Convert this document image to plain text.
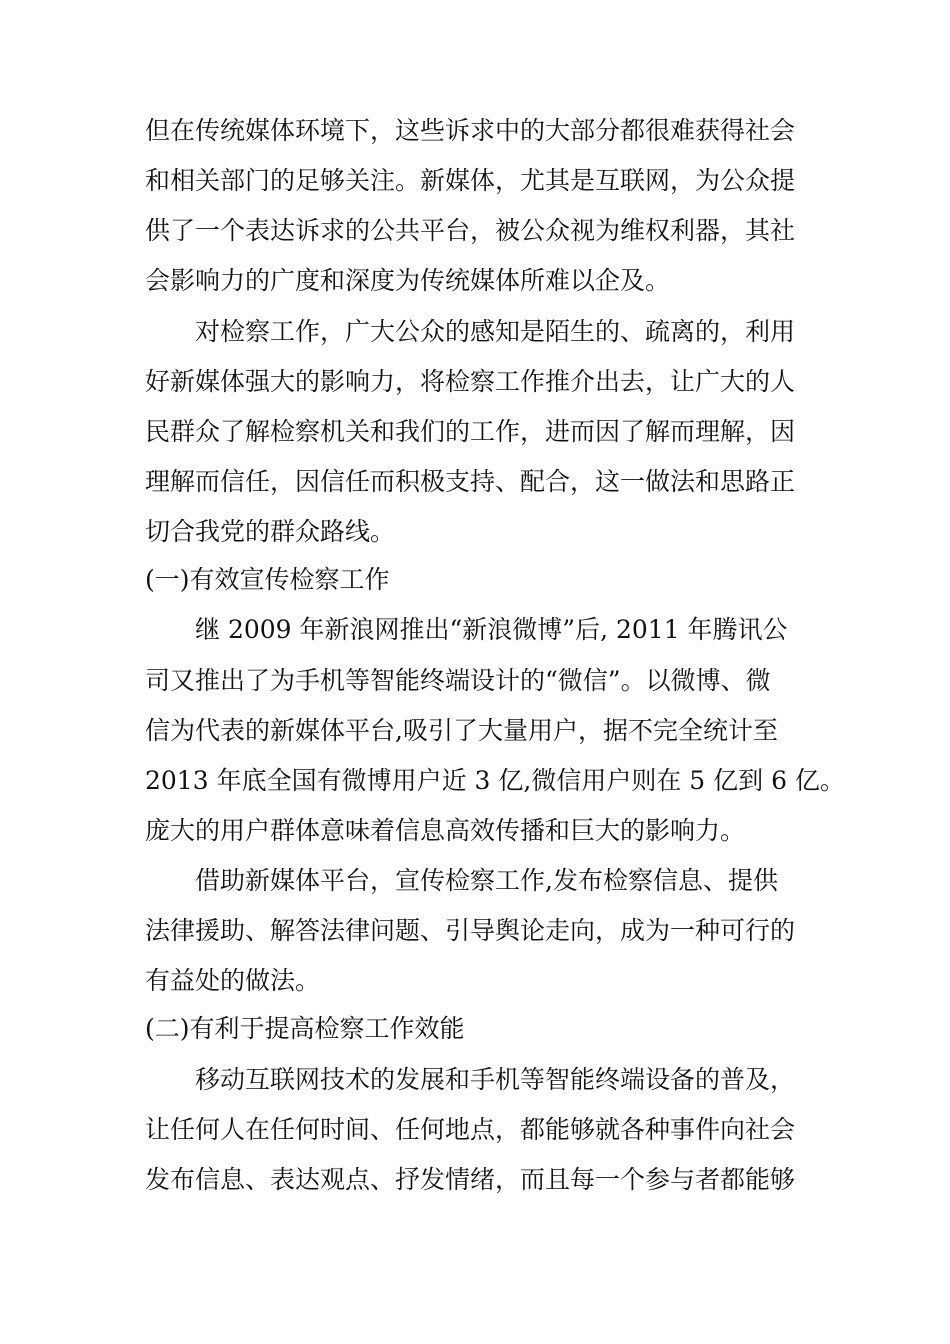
但在传统媒体环境下，这些诉求中的大部分都很难获得社会
和相关部门的足够关注。新媒体，尤其是互联网，为公众提
供了一个表达诉求的公共平台，被公众视为维权利器，其社
会影响力的广度和深度为传统媒体所难以企及。
对检察工作，广大公众的感知是陌生的、疏离的，利用
好新媒体强大的影响力，将检察工作推介出去，让广大的人
民群众了解检察机关和我们的工作，进而因了解而理解，因
理解而信任，因信任而积极支持、配合，这一做法和思路正
切合我党的群众路线。
(一)有效宣传检察工作
继 2009 年新浪网推出“新浪微博”后, 2011 年腾讯公
司又推出了为手机等智能终端设计的“微信”。以微博、微
信为代表的新媒体平台,吸引了大量用户，据不完全统计至
2013 年底全国有微博用户近 3 亿,微信用户则在 5 亿到 6 亿。
庞大的用户群体意味着信息高效传播和巨大的影响力。
借助新媒体平台，宣传检察工作,发布检察信息、提供
法律援助、解答法律问题、引导舆论走向，成为一种可行的
有益处的做法。
(二)有利于提高检察工作效能
移动互联网技术的发展和手机等智能终端设备的普及，
让任何人在任何时间、任何地点，都能够就各种事件向社会
发布信息、表达观点、抒发情绪，而且每一个参与者都能够
